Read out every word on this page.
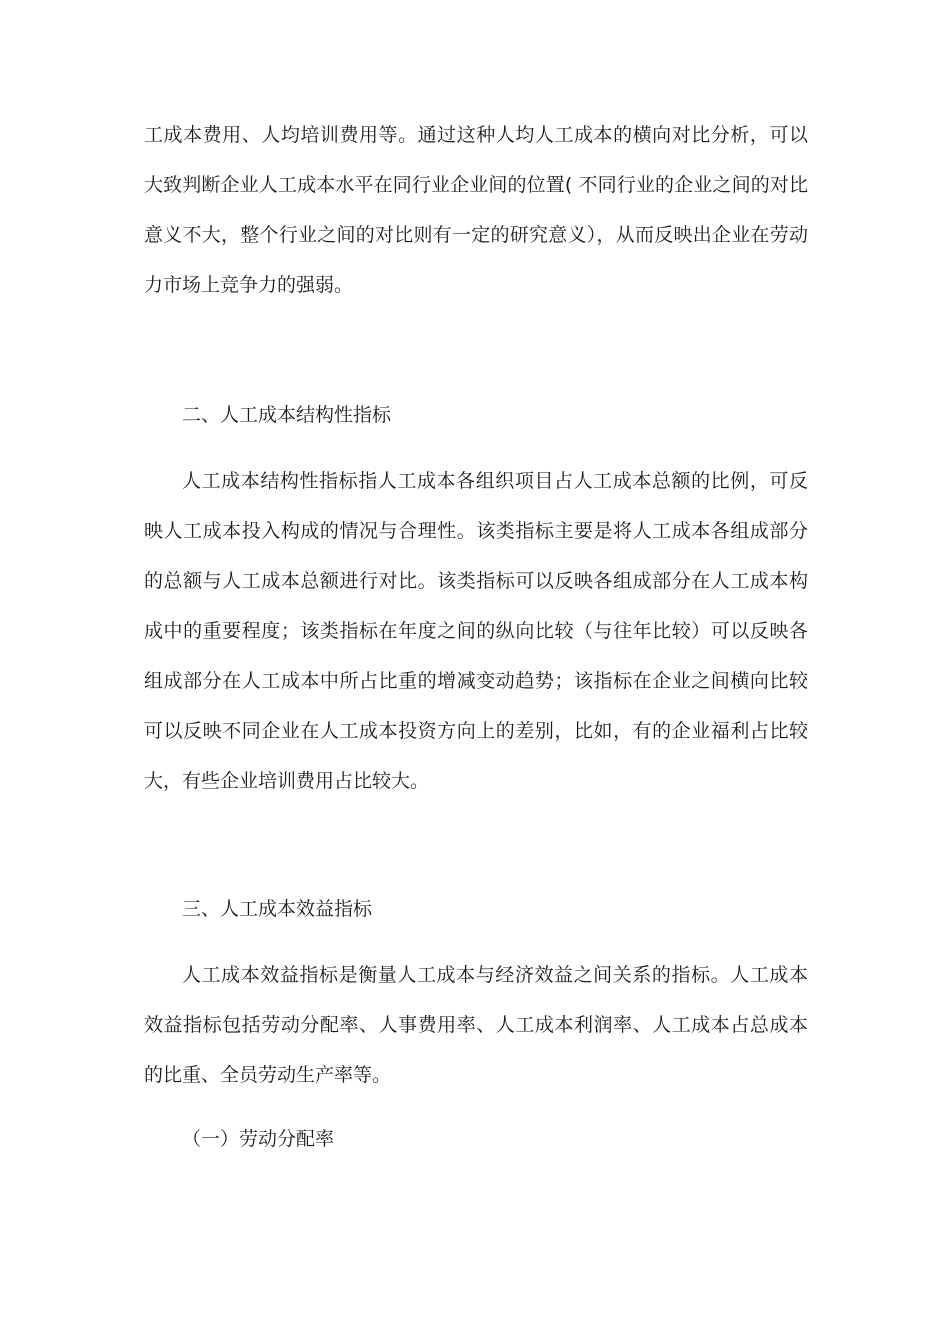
工成本费用、人均培训费用等。通过这种人均人工成本的横向对比分析，可以大致判断企业人工成本水平在同行业企业间的位置( 不同行业的企业之间的对比意义不大，整个行业之间的对比则有一定的研究意义），从而反映出企业在劳动力市场上竞争力的强弱。

二、人工成本结构性指标

人工成本结构性指标指人工成本各组织项目占人工成本总额的比例，可反映人工成本投入构成的情况与合理性。该类指标主要是将人工成本各组成部分的总额与人工成本总额进行对比。该类指标可以反映各组成部分在人工成本构成中的重要程度；该类指标在年度之间的纵向比较（与往年比较）可以反映各组成部分在人工成本中所占比重的增减变动趋势；该指标在企业之间横向比较可以反映不同企业在人工成本投资方向上的差别，比如，有的企业福利占比较大，有些企业培训费用占比较大。

三、人工成本效益指标

人工成本效益指标是衡量人工成本与经济效益之间关系的指标。人工成本效益指标包括劳动分配率、人事费用率、人工成本利润率、人工成本占总成本的比重、全员劳动生产率等。

（一）劳动分配率
